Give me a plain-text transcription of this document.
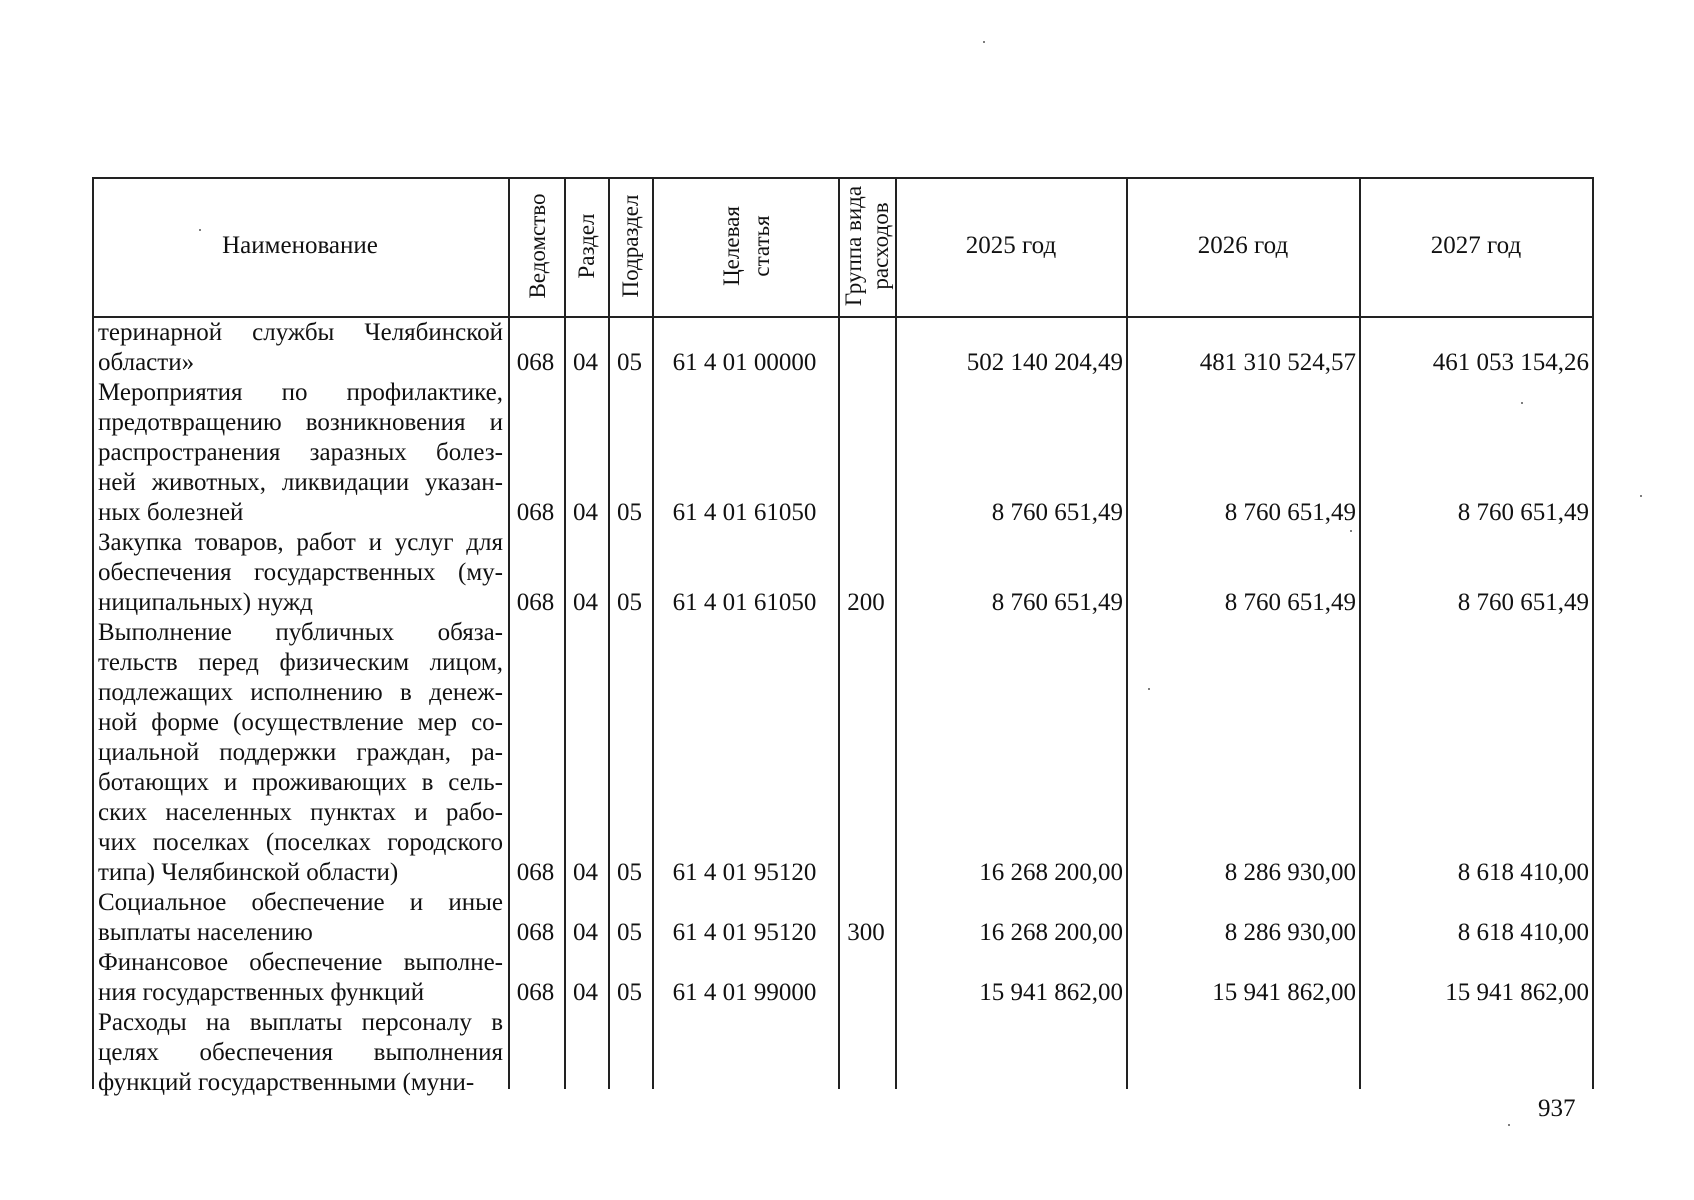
Наименование	Ведомство Раздел Подраздел	Целевая статья	Группа вида расходов	2025 год	2026 год	2027 год
теринарной службы Челябинской
области»	068 04 05	61 4 01 00000	502 140 204,49	481 310 524,57	461 053 154,26
Мероприятия по профилактике,
предотвращению возникновения и
распространения заразных болез-
ней животных, ликвидации указан-
ных болезней	068 04 05	61 4 01 61050	8 760 651,49	8 760 651,49	8 760 651,49
Закупка товаров, работ и услуг для
обеспечения государственных (му-
ниципальных) нужд	068 04 05	61 4 01 61050	200	8 760 651,49	8 760 651,49	8 760 651,49
Выполнение публичных обяза-
тельств перед физическим лицом,
подлежащих исполнению в денеж-
ной форме (осуществление мер со-
циальной поддержки граждан, ра-
ботающих и проживающих в сель-
ских населенных пунктах и рабо-
чих поселках (поселках городского
типа) Челябинской области)	068 04 05	61 4 01 95120	16 268 200,00	8 286 930,00	8 618 410,00
Социальное обеспечение и иные
выплаты населению	068 04 05	61 4 01 95120	300	16 268 200,00	8 286 930,00	8 618 410,00
Финансовое обеспечение выполне-
ния государственных функций	068 04 05	61 4 01 99000	15 941 862,00	15 941 862,00	15 941 862,00
Расходы на выплаты персоналу в
целях обеспечения выполнения
функций государственными (муни-
937
